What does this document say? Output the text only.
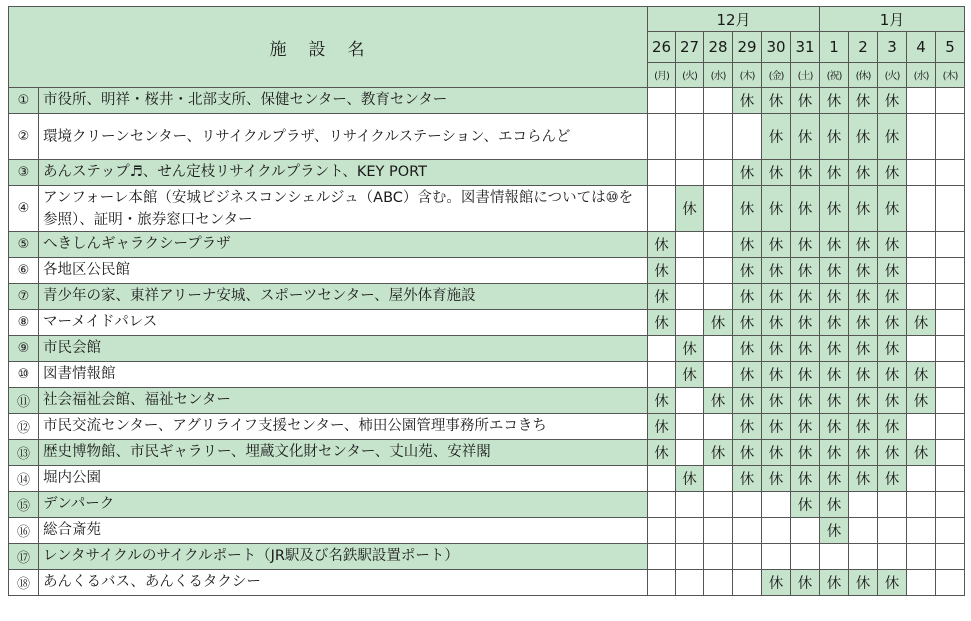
施設名		12月						1月				
		26	27	28	29	30	31	1	2	3	4	5
		(月)	(火)	(水)	(木)	(金)	(土)	(祝)	(休)	(火)	(水)	(木)
①	市役所、明祥・桜井・北部支所、保健センター、教育センター				休	休	休	休	休	休		
②	環境クリーンセンター、リサイクルプラザ、リサイクルステーション、エコらんど					休	休	休	休	休		
③	あんステップ♬、せん定枝リサイクルプラント、KEY PORT				休	休	休	休	休	休		
④	アンフォーレ本館（安城ビジネスコンシェルジュ（ABC）含む。図書情報館については⑩を参照）、証明・旅券窓口センター		休		休	休	休	休	休	休		
⑤	へきしんギャラクシープラザ	休			休	休	休	休	休	休		
⑥	各地区公民館	休			休	休	休	休	休	休		
⑦	青少年の家、東祥アリーナ安城、スポーツセンター、屋外体育施設	休			休	休	休	休	休	休		
⑧	マーメイドパレス	休		休	休	休	休	休	休	休	休	
⑨	市民会館		休		休	休	休	休	休	休		
⑩	図書情報館		休		休	休	休	休	休	休	休	
⑪	社会福祉会館、福祉センター	休		休	休	休	休	休	休	休	休	
⑫	市民交流センター、アグリライフ支援センター、柿田公園管理事務所エコきち	休			休	休	休	休	休	休		
⑬	歴史博物館、市民ギャラリー、埋蔵文化財センター、丈山苑、安祥閣	休		休	休	休	休	休	休	休	休	
⑭	堀内公園		休		休	休	休	休	休	休		
⑮	デンパーク						休	休				
⑯	総合斎苑							休				
⑰	レンタサイクルのサイクルポート（JR駅及び名鉄駅設置ポート）											
⑱	あんくるバス、あんくるタクシー					休	休	休	休	休		
